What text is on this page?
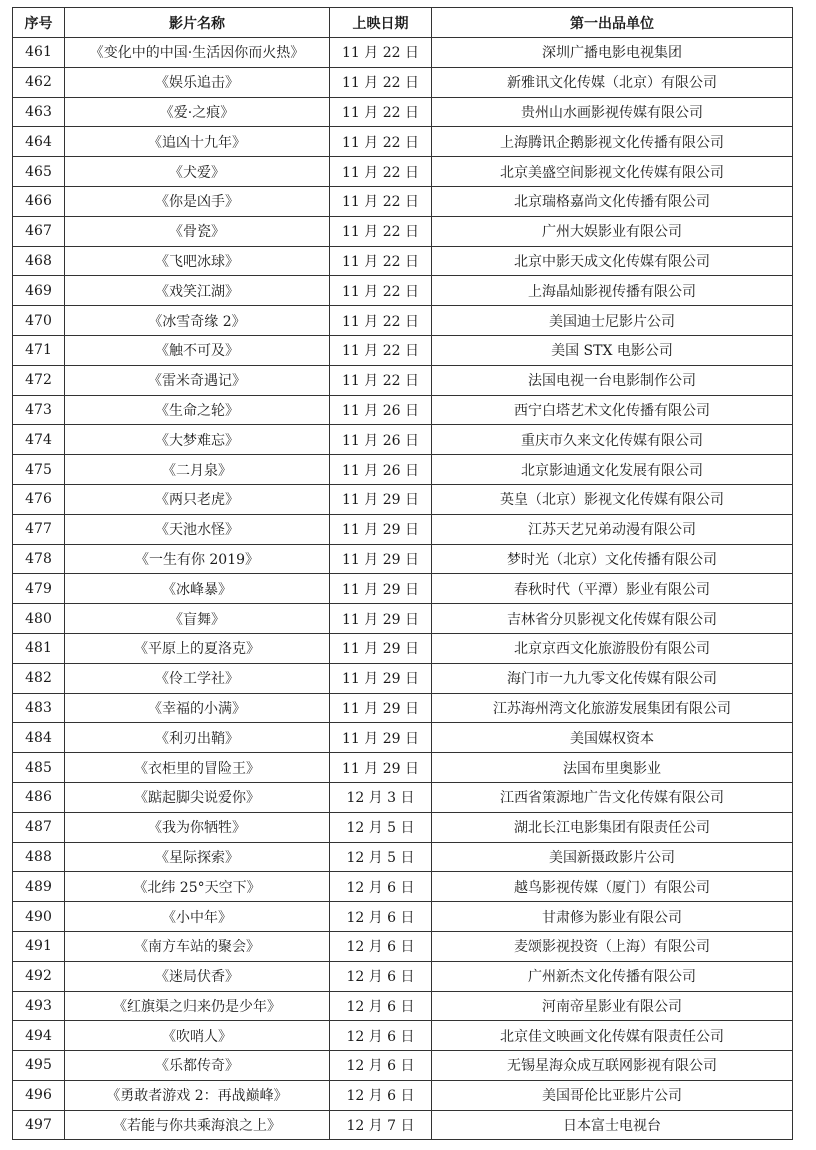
序号	影片名称	上映日期	第一出品单位
461	《变化中的中国·生活因你而火热》	11 月 22 日	深圳广播电影电视集团
462	《娱乐追击》	11 月 22 日	新雅讯文化传媒（北京）有限公司
463	《爱·之痕》	11 月 22 日	贵州山水画影视传媒有限公司
464	《追凶十九年》	11 月 22 日	上海腾讯企鹅影视文化传播有限公司
465	《犬爱》	11 月 22 日	北京美盛空间影视文化传媒有限公司
466	《你是凶手》	11 月 22 日	北京瑞格嘉尚文化传播有限公司
467	《骨瓷》	11 月 22 日	广州大娱影业有限公司
468	《飞吧冰球》	11 月 22 日	北京中影天成文化传媒有限公司
469	《戏笑江湖》	11 月 22 日	上海晶灿影视传播有限公司
470	《冰雪奇缘 2》	11 月 22 日	美国迪士尼影片公司
471	《触不可及》	11 月 22 日	美国 STX 电影公司
472	《雷米奇遇记》	11 月 22 日	法国电视一台电影制作公司
473	《生命之轮》	11 月 26 日	西宁白塔艺术文化传播有限公司
474	《大梦难忘》	11 月 26 日	重庆市久来文化传媒有限公司
475	《二月泉》	11 月 26 日	北京影迪通文化发展有限公司
476	《两只老虎》	11 月 29 日	英皇（北京）影视文化传媒有限公司
477	《天池水怪》	11 月 29 日	江苏天艺兄弟动漫有限公司
478	《一生有你 2019》	11 月 29 日	梦时光（北京）文化传播有限公司
479	《冰峰暴》	11 月 29 日	春秋时代（平潭）影业有限公司
480	《盲舞》	11 月 29 日	吉林省分贝影视文化传媒有限公司
481	《平原上的夏洛克》	11 月 29 日	北京京西文化旅游股份有限公司
482	《伶工学社》	11 月 29 日	海门市一九九零文化传媒有限公司
483	《幸福的小满》	11 月 29 日	江苏海州湾文化旅游发展集团有限公司
484	《利刃出鞘》	11 月 29 日	美国媒权资本
485	《衣柜里的冒险王》	11 月 29 日	法国布里奥影业
486	《踮起脚尖说爱你》	12 月 3 日	江西省策源地广告文化传媒有限公司
487	《我为你牺牲》	12 月 5 日	湖北长江电影集团有限责任公司
488	《星际探索》	12 月 5 日	美国新摄政影片公司
489	《北纬 25°天空下》	12 月 6 日	越鸟影视传媒（厦门）有限公司
490	《小中年》	12 月 6 日	甘肃修为影业有限公司
491	《南方车站的聚会》	12 月 6 日	麦颂影视投资（上海）有限公司
492	《迷局伏香》	12 月 6 日	广州新杰文化传播有限公司
493	《红旗渠之归来仍是少年》	12 月 6 日	河南帝星影业有限公司
494	《吹哨人》	12 月 6 日	北京佳文映画文化传媒有限责任公司
495	《乐都传奇》	12 月 6 日	无锡星海众成互联网影视有限公司
496	《勇敢者游戏 2：再战巅峰》	12 月 6 日	美国哥伦比亚影片公司
497	《若能与你共乘海浪之上》	12 月 7 日	日本富士电视台
